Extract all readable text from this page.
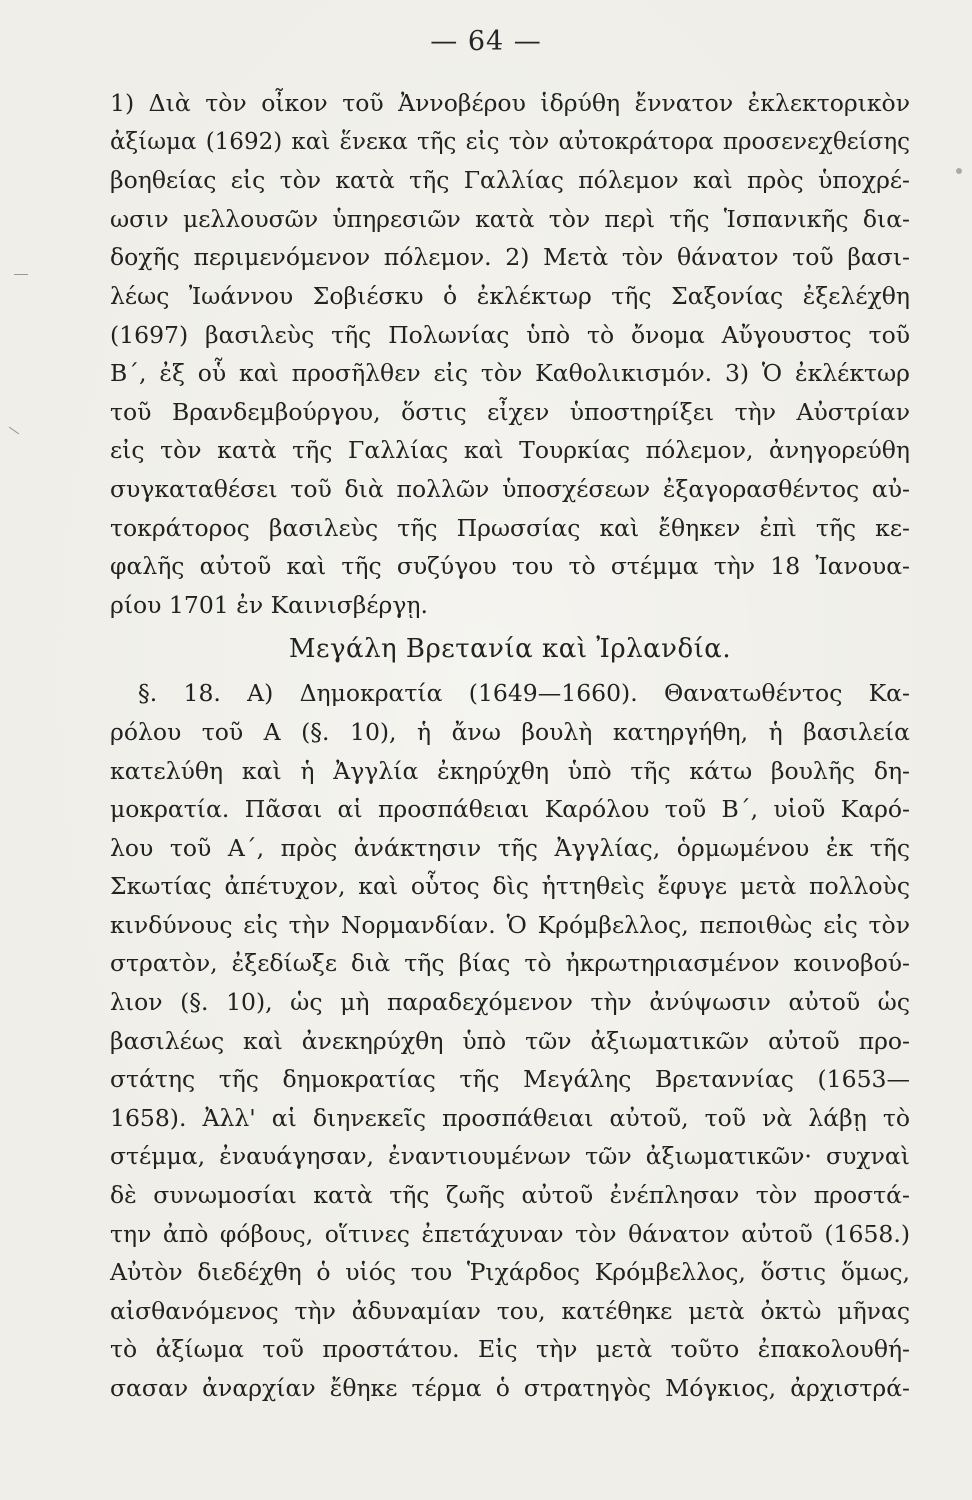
— 64 —
1) Διὰ τὸν οἶκον τοῦ Ἀννοβέρου ἱδρύθη ἔννατον ἐκλεκτορικὸν
ἀξίωμα (1692) καὶ ἕνεκα τῆς εἰς τὸν αὐτοκράτορα προσενεχθείσης
βοηθείας εἰς τὸν κατὰ τῆς Γαλλίας πόλεμον καὶ πρὸς ὑποχρέ-
ωσιν μελλουσῶν ὑπηρεσιῶν κατὰ τὸν περὶ τῆς Ἱσπανικῆς δια-
δοχῆς περιμενόμενον πόλεμον. 2) Μετὰ τὸν θάνατον τοῦ βασι-
λέως Ἰωάννου Σοβιέσκυ ὁ ἐκλέκτωρ τῆς Σαξονίας ἐξελέχθη
(1697) βασιλεὺς τῆς Πολωνίας ὑπὸ τὸ ὄνομα Αὔγουστος τοῦ
Β΄, ἐξ οὗ καὶ προσῆλθεν εἰς τὸν Καθολικισμόν. 3) Ὁ ἐκλέκτωρ
τοῦ Βρανδεμβούργου, ὅστις εἶχεν ὑποστηρίξει τὴν Αὐστρίαν
εἰς τὸν κατὰ τῆς Γαλλίας καὶ Τουρκίας πόλεμον, ἀνηγορεύθη
συγκαταθέσει τοῦ διὰ πολλῶν ὑποσχέσεων ἐξαγορασθέντος αὐ-
τοκράτορος βασιλεὺς τῆς Πρωσσίας καὶ ἔθηκεν ἐπὶ τῆς κε-
φαλῆς αὐτοῦ καὶ τῆς συζύγου του τὸ στέμμα τὴν 18 Ἰανουα-
ρίου 1701 ἐν Καινισβέργῃ.
Μεγάλη Βρετανία καὶ Ἰρλανδία.
§. 18. Α) Δημοκρατία (1649—1660). Θανατωθέντος Κα-
ρόλου τοῦ Α (§. 10), ἡ ἄνω βουλὴ κατηργήθη, ἡ βασιλεία
κατελύθη καὶ ἡ Ἀγγλία ἐκηρύχθη ὑπὸ τῆς κάτω βουλῆς δη-
μοκρατία. Πᾶσαι αἱ προσπάθειαι Καρόλου τοῦ Β΄, υἱοῦ Καρό-
λου τοῦ Α΄, πρὸς ἀνάκτησιν τῆς Ἀγγλίας, ὁρμωμένου ἐκ τῆς
Σκωτίας ἀπέτυχον, καὶ οὗτος δὶς ἡττηθεὶς ἔφυγε μετὰ πολλοὺς
κινδύνους εἰς τὴν Νορμανδίαν. Ὁ Κρόμβελλος, πεποιθὼς εἰς τὸν
στρατὸν, ἐξεδίωξε διὰ τῆς βίας τὸ ἠκρωτηριασμένον κοινοβού-
λιον (§. 10), ὡς μὴ παραδεχόμενον τὴν ἀνύψωσιν αὐτοῦ ὡς
βασιλέως καὶ ἀνεκηρύχθη ὑπὸ τῶν ἀξιωματικῶν αὐτοῦ προ-
στάτης τῆς δημοκρατίας τῆς Μεγάλης Βρεταννίας (1653—
1658). Ἀλλ' αἱ διηνεκεῖς προσπάθειαι αὐτοῦ, τοῦ νὰ λάβῃ τὸ
στέμμα, ἐναυάγησαν, ἐναντιουμένων τῶν ἀξιωματικῶν· συχναὶ
δὲ συνωμοσίαι κατὰ τῆς ζωῆς αὐτοῦ ἐνέπλησαν τὸν προστά-
την ἀπὸ φόβους, οἵτινες ἐπετάχυναν τὸν θάνατον αὐτοῦ (1658.)
Αὐτὸν διεδέχθη ὁ υἱός του Ῥιχάρδος Κρόμβελλος, ὅστις ὅμως,
αἰσθανόμενος τὴν ἀδυναμίαν του, κατέθηκε μετὰ ὀκτὼ μῆνας
τὸ ἀξίωμα τοῦ προστάτου. Εἰς τὴν μετὰ τοῦτο ἐπακολουθή-
σασαν ἀναρχίαν ἔθηκε τέρμα ὁ στρατηγὸς Μόγκιος, ἀρχιστρά-
